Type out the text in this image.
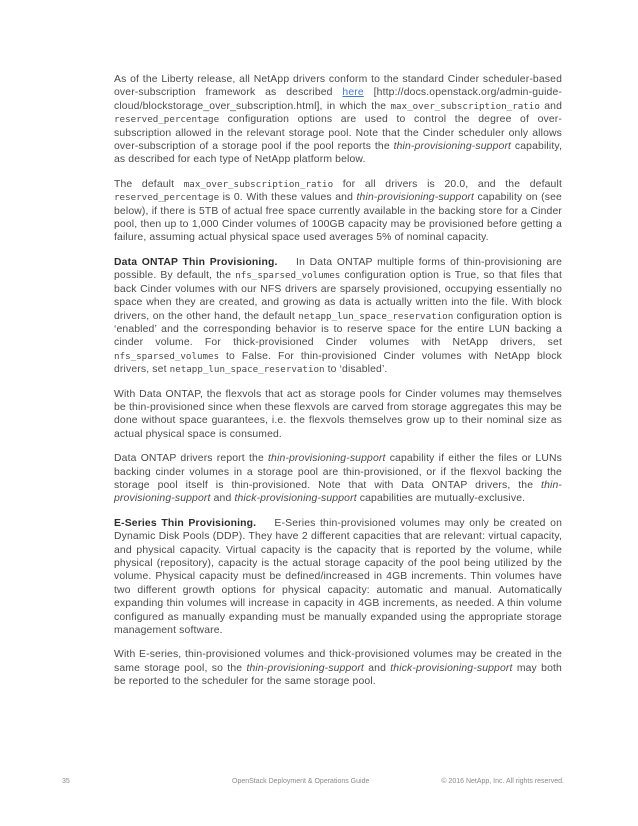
As of the Liberty release, all NetApp drivers conform to the standard Cinder scheduler-based over-subscription framework as described here [http://docs.openstack.org/admin-guide-cloud/blockstorage_over_subscription.html], in which the max_over_subscription_ratio and reserved_percentage configuration options are used to control the degree of over-subscription allowed in the relevant storage pool. Note that the Cinder scheduler only allows over-subscription of a storage pool if the pool reports the thin-provisioning-support capability, as described for each type of NetApp platform below.

The default max_over_subscription_ratio for all drivers is 20.0, and the default reserved_percentage is 0. With these values and thin-provisioning-support capability on (see below), if there is 5TB of actual free space currently available in the backing store for a Cinder pool, then up to 1,000 Cinder volumes of 100GB capacity may be provisioned before getting a failure, assuming actual physical space used averages 5% of nominal capacity.

Data ONTAP Thin Provisioning.    In Data ONTAP multiple forms of thin-provisioning are possible. By default, the nfs_sparsed_volumes configuration option is True, so that files that back Cinder volumes with our NFS drivers are sparsely provisioned, occupying essentially no space when they are created, and growing as data is actually written into the file. With block drivers, on the other hand, the default netapp_lun_space_reservation configuration option is ‘enabled’ and the corresponding behavior is to reserve space for the entire LUN backing a cinder volume. For thick-provisioned Cinder volumes with NetApp drivers, set nfs_sparsed_volumes to False. For thin-provisioned Cinder volumes with NetApp block drivers, set netapp_lun_space_reservation to ‘disabled’.

With Data ONTAP, the flexvols that act as storage pools for Cinder volumes may themselves be thin-provisioned since when these flexvols are carved from storage aggregates this may be done without space guarantees, i.e. the flexvols themselves grow up to their nominal size as actual physical space is consumed.

Data ONTAP drivers report the thin-provisioning-support capability if either the files or LUNs backing cinder volumes in a storage pool are thin-provisioned, or if the flexvol backing the storage pool itself is thin-provisioned. Note that with Data ONTAP drivers, the thin-provisioning-support and thick-provisioning-support capabilities are mutually-exclusive.

E-Series Thin Provisioning.    E-Series thin-provisioned volumes may only be created on Dynamic Disk Pools (DDP). They have 2 different capacities that are relevant: virtual capacity, and physical capacity. Virtual capacity is the capacity that is reported by the volume, while physical (repository), capacity is the actual storage capacity of the pool being utilized by the volume. Physical capacity must be defined/increased in 4GB increments. Thin volumes have two different growth options for physical capacity: automatic and manual. Automatically expanding thin volumes will increase in capacity in 4GB increments, as needed. A thin volume configured as manually expanding must be manually expanded using the appropriate storage management software.

With E-series, thin-provisioned volumes and thick-provisioned volumes may be created in the same storage pool, so the thin-provisioning-support and thick-provisioning-support may both be reported to the scheduler for the same storage pool.

35	OpenStack Deployment & Operations Guide	© 2016 NetApp, Inc. All rights reserved.
